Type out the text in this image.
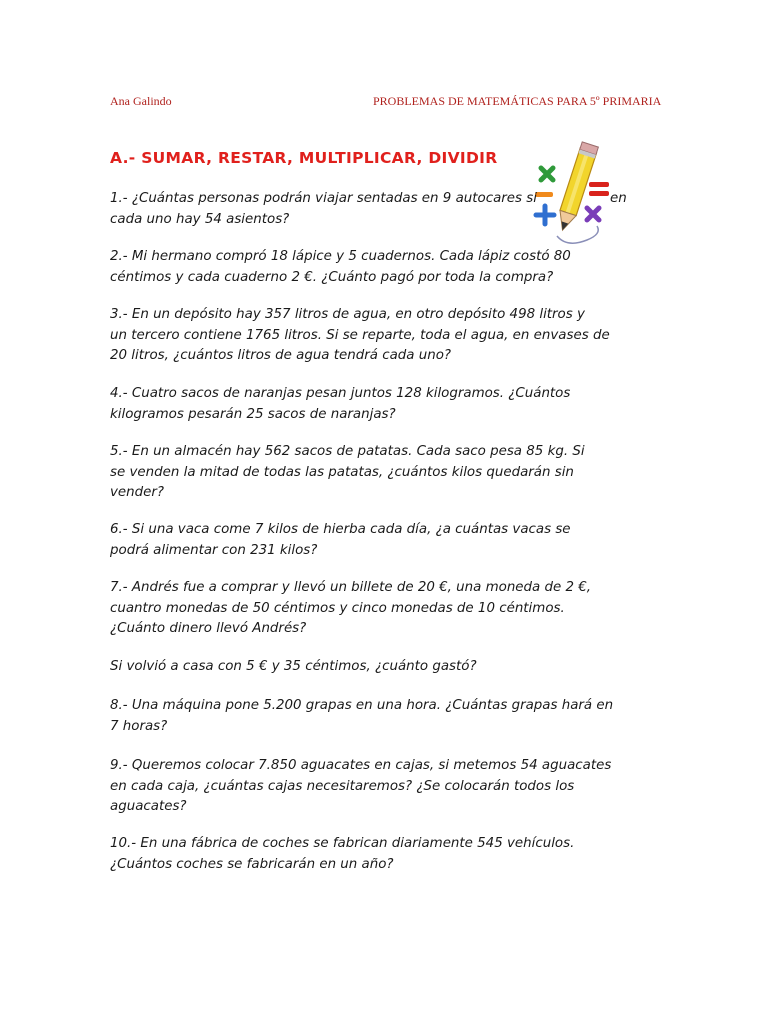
Ana Galindo	PROBLEMAS DE MATEMÁTICAS PARA 5º PRIMARIA
A.- SUMAR, RESTAR, MULTIPLICAR, DIVIDIR
1.- ¿Cuántas personas podrán viajar sentadas en 9 autocares si	en
cada uno hay 54 asientos?
2.- Mi hermano compró 18 lápice y 5 cuadernos. Cada lápiz costó 80
céntimos y cada cuaderno 2 €. ¿Cuánto pagó por toda la compra?
3.- En un depósito hay 357 litros de agua, en otro depósito 498 litros y
un tercero contiene 1765 litros. Si se reparte, toda el agua, en envases de
20 litros, ¿cuántos litros de agua tendrá cada uno?
4.- Cuatro sacos de naranjas pesan juntos 128 kilogramos. ¿Cuántos
kilogramos pesarán 25 sacos de naranjas?
5.- En un almacén hay 562 sacos de patatas. Cada saco pesa 85 kg. Si
se venden la mitad de todas las patatas, ¿cuántos kilos quedarán sin
vender?
6.- Si una vaca come 7 kilos de hierba cada día, ¿a cuántas vacas se
podrá alimentar con 231 kilos?
7.- Andrés fue a comprar y llevó un billete de 20 €, una moneda de 2 €,
cuantro monedas de 50 céntimos y cinco monedas de 10 céntimos.
¿Cuánto dinero llevó Andrés?
Si volvió a casa con 5 € y 35 céntimos, ¿cuánto gastó?
8.- Una máquina pone 5.200 grapas en una hora. ¿Cuántas grapas hará en
7 horas?
9.- Queremos colocar 7.850 aguacates en cajas, si metemos 54 aguacates
en cada caja, ¿cuántas cajas necesitaremos? ¿Se colocarán todos los
aguacates?
10.- En una fábrica de coches se fabrican diariamente 545 vehículos.
¿Cuántos coches se fabricarán en un año?
